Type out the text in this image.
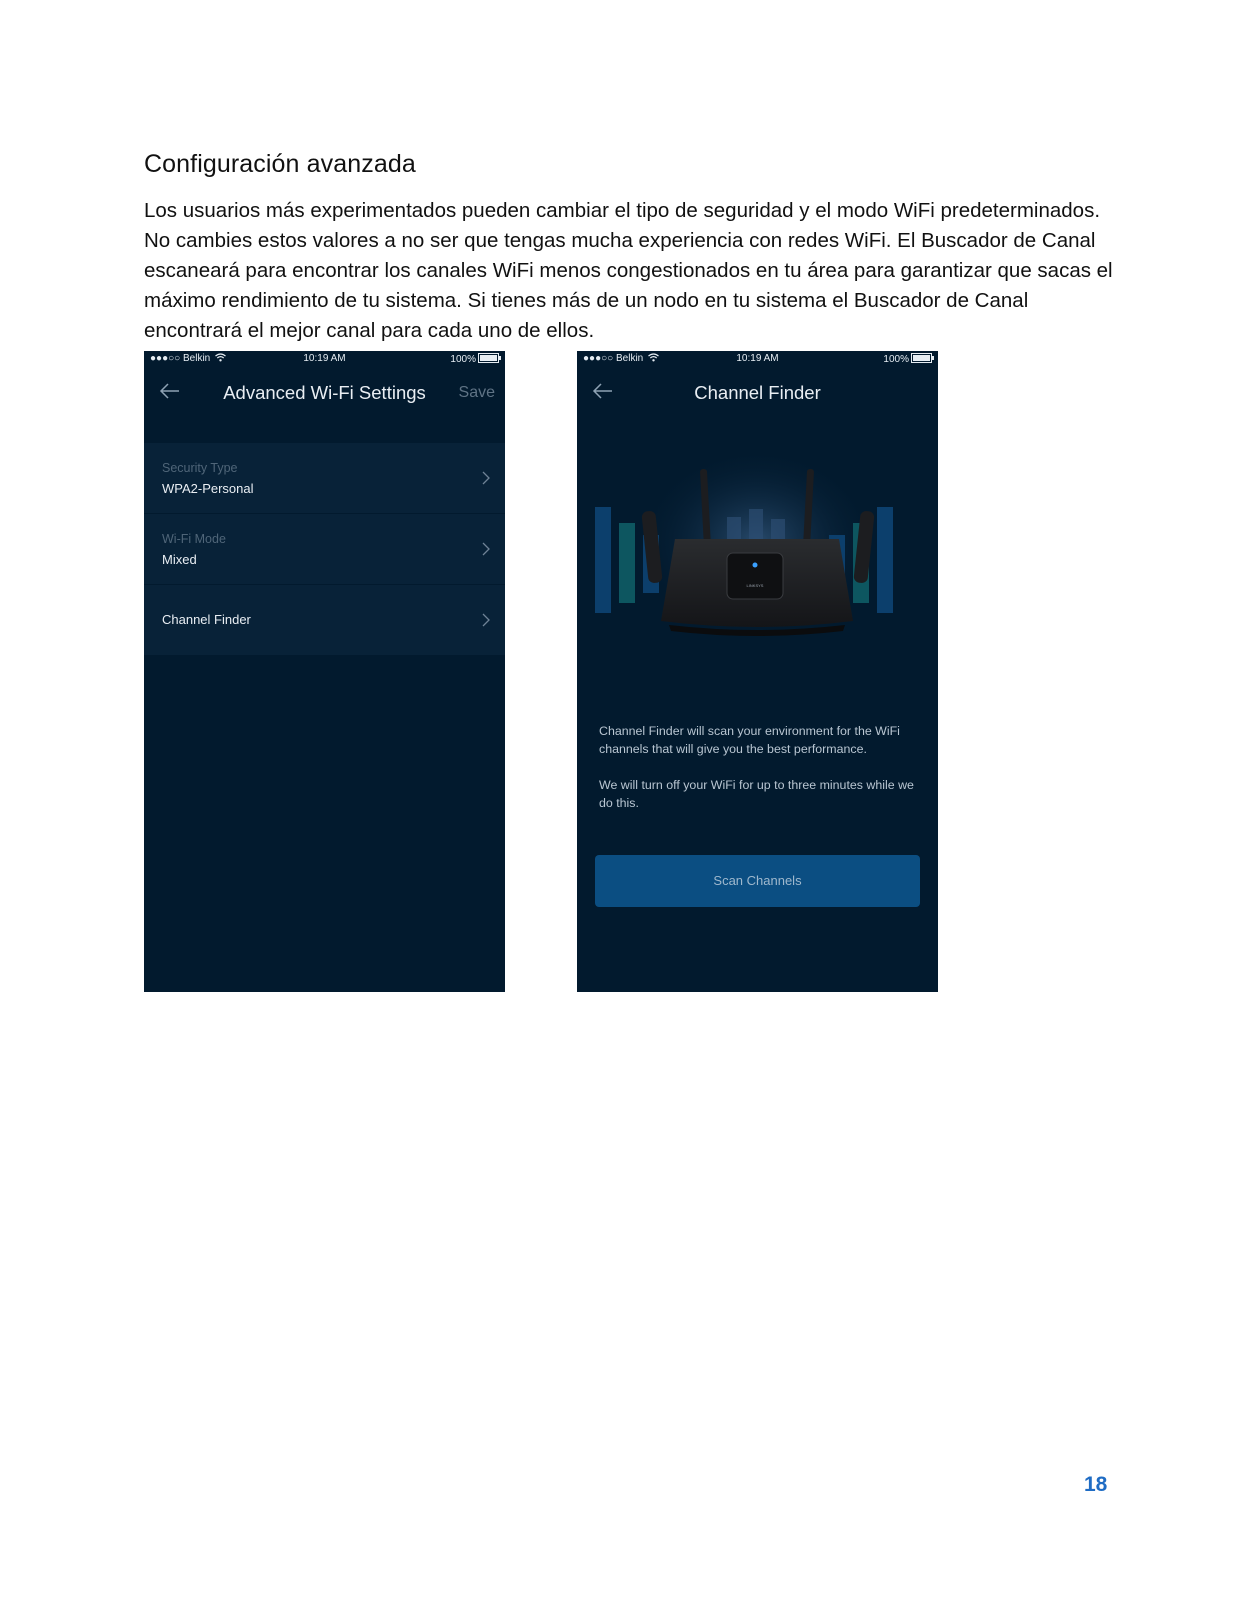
Configuración avanzada

Los usuarios más experimentados pueden cambiar el tipo de seguridad y el modo WiFi predeterminados. No cambies estos valores a no ser que tengas mucha experiencia con redes WiFi. El Buscador de Canal escaneará para encontrar los canales WiFi menos congestionados en tu área para garantizar que sacas el máximo rendimiento de tu sistema. Si tienes más de un nodo en tu sistema el Buscador de Canal encontrará el mejor canal para cada uno de ellos.

●●●○○ Belkin	10:19 AM	100%
Advanced Wi-Fi Settings	Save
Security Type
WPA2-Personal
Wi-Fi Mode
Mixed
Channel Finder
●●●○○ Belkin	10:19 AM	100%
Channel Finder
LINKSYS

Channel Finder will scan your environment for the WiFi channels that will give you the best performance.

We will turn off your WiFi for up to three minutes while we do this.

Scan Channels
18
